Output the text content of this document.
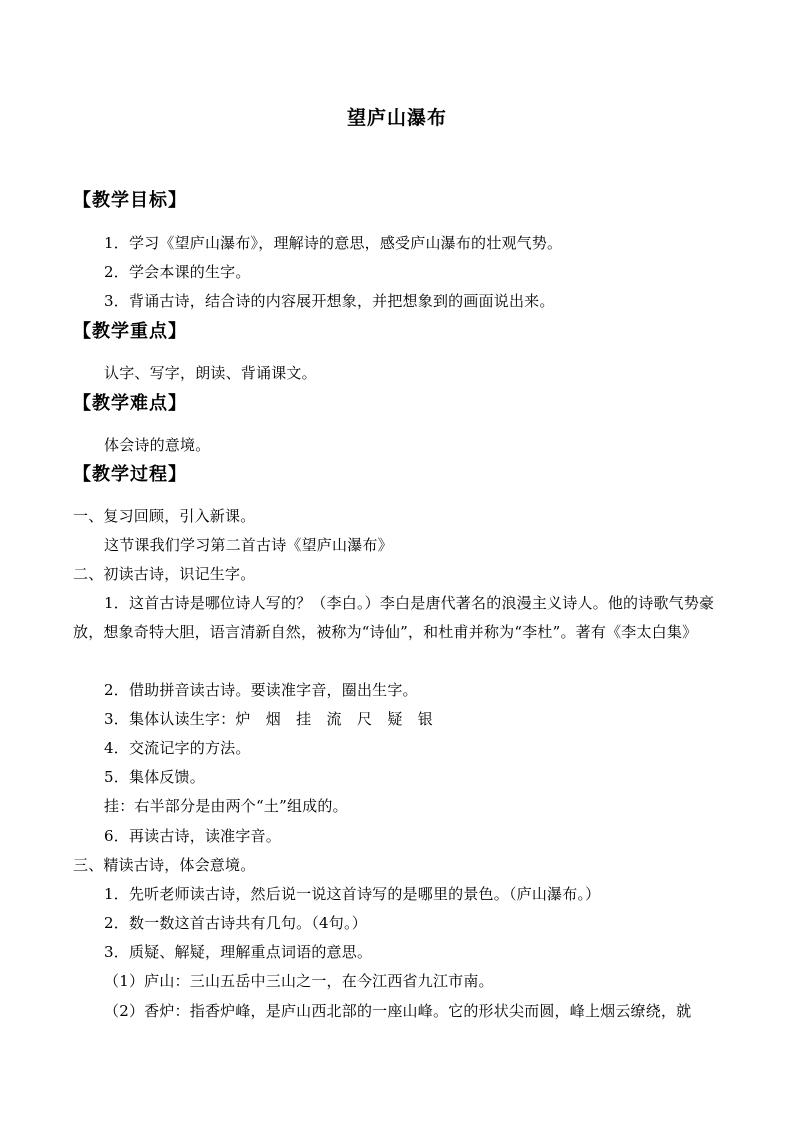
望庐山瀑布
【教学目标】
1．学习《望庐山瀑布》，理解诗的意思，感受庐山瀑布的壮观气势。
2．学会本课的生字。
3．背诵古诗，结合诗的内容展开想象，并把想象到的画面说出来。
【教学重点】
认字、写字，朗读、背诵课文。
【教学难点】
体会诗的意境。
【教学过程】
一、复习回顾，引入新课。
这节课我们学习第二首古诗《望庐山瀑布》
二、初读古诗，识记生字。
1．这首古诗是哪位诗人写的？（李白。）李白是唐代著名的浪漫主义诗人。他的诗歌气势豪放，想象奇特大胆，语言清新自然，被称为“诗仙”，和杜甫并称为“李杜”。著有《李太白集》
2．借助拼音读古诗。要读准字音，圈出生字。
3．集体认读生字：炉　烟　挂　流　尺　疑　银
4．交流记字的方法。
5．集体反馈。
挂：右半部分是由两个“土”组成的。
6．再读古诗，读准字音。
三、精读古诗，体会意境。
1．先听老师读古诗，然后说一说这首诗写的是哪里的景色。（庐山瀑布。）
2．数一数这首古诗共有几句。（4句。）
3．质疑、解疑，理解重点词语的意思。
（1）庐山：三山五岳中三山之一，在今江西省九江市南。
（2）香炉：指香炉峰，是庐山西北部的一座山峰。它的形状尖而圆，峰上烟云缭绕，就
